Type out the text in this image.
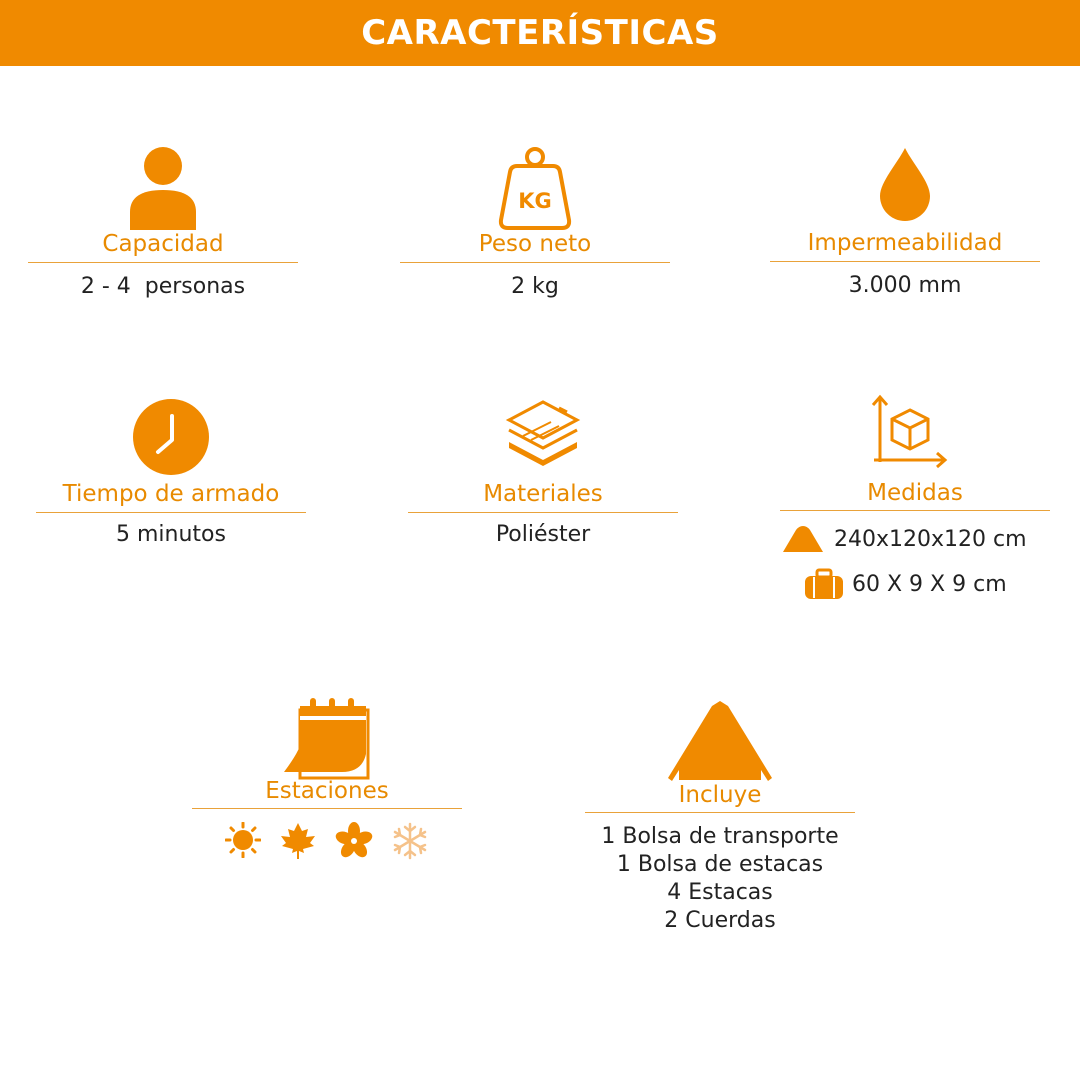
CARACTERÍSTICAS
Capacidad
2 - 4  personas
KG
Peso neto
2 kg
Impermeabilidad
3.000 mm
Tiempo de armado
5 minutos
Materiales
Poliéster
Medidas
240x120x120 cm
60 X 9 X 9 cm
Estaciones	Incluye
1 Bolsa de transporte
1 Bolsa de estacas
4 Estacas
2 Cuerdas
